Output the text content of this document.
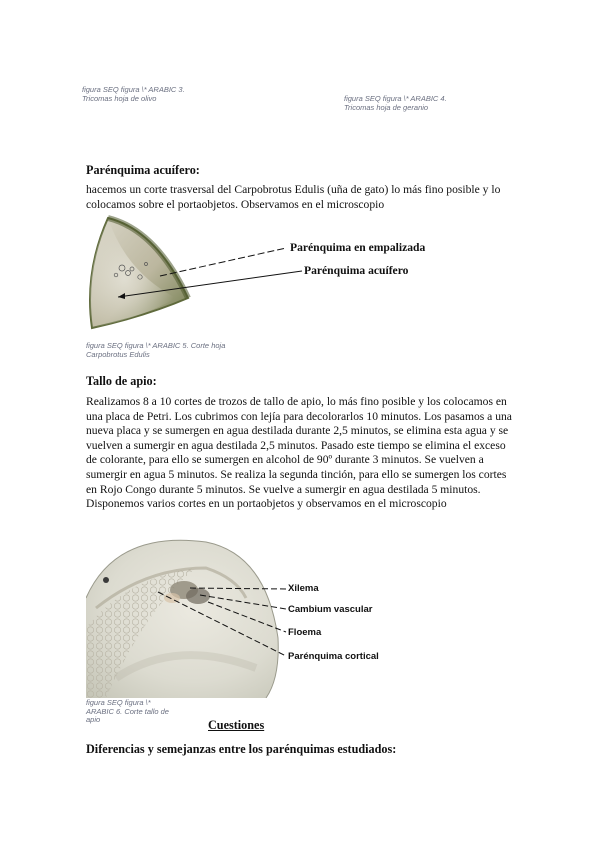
figura SEQ figura \* ARABIC 3.
Tricomas hoja de olivo	figura SEQ figura \* ARABIC 4.
Tricomas hoja de geranio
Parénquima acuífero:
hacemos un corte trasversal del Carpobrotus Edulis (uña de gato) lo más fino posible y lo colocamos sobre el portaobjetos. Observamos en el microscopio
Parénquima en empalizada
Parénquima acuífero
figura SEQ figura \* ARABIC 5. Corte hoja
Carpobrotus Edulis
Tallo de apio:
Realizamos 8 a 10 cortes de trozos de tallo de apio, lo más fino posible y los colocamos en una placa de Petri. Los cubrimos con lejía para decolorarlos 10 minutos. Los pasamos a una nueva placa y se sumergen en agua destilada durante 2,5 minutos, se elimina esta agua y se vuelven a sumergir en agua destilada 2,5 minutos. Pasado este tiempo se elimina el exceso de colorante, para ello se sumergen en alcohol de 90º durante 3 minutos. Se vuelven a sumergir en agua 5 minutos. Se realiza la segunda tinción, para ello se sumergen los cortes en Rojo Congo durante 5 minutos. Se vuelve a sumergir en agua destilada 5 minutos. Disponemos varios cortes en un portaobjetos y observamos en el microscopio
Xilema
Cambium vascular
Floema
Parénquima cortical
figura SEQ figura \*
ARABIC 6. Corte tallo de
apio	Cuestiones
Diferencias y semejanzas entre los parénquimas estudiados:
